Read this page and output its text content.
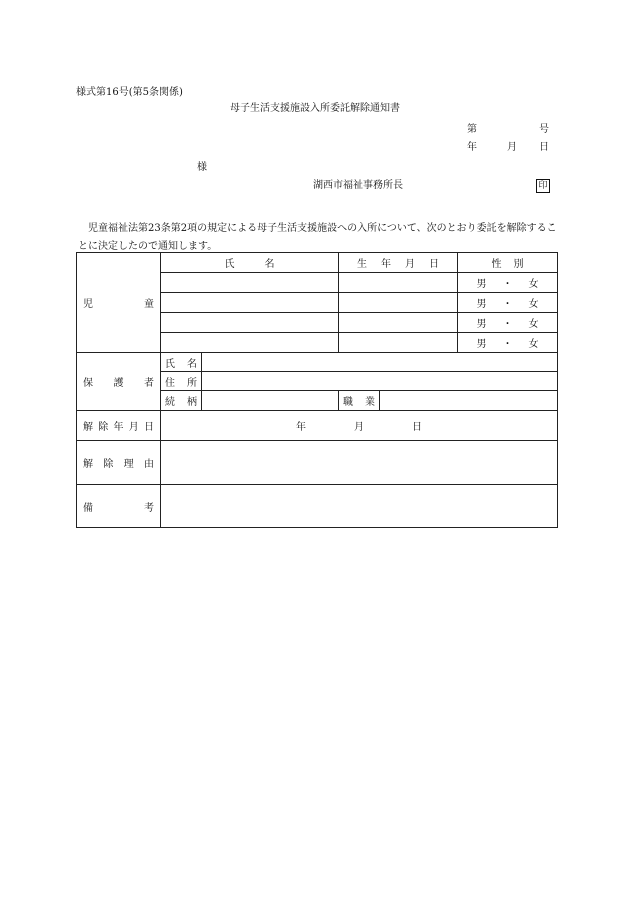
様式第16号(第5条関係)
母子生活支援施設入所委託解除通知書
第	号
年	月 日
様
湖西市福祉事務所長	印
児童福祉法第23条第2項の規定による母子生活支援施設への入所について、次のとおり委託を解除することに決定したので通知します。
児 童	氏 名		生 年 月 日		性 別

					男 ・ 女

					男 ・ 女

					男 ・ 女

					男 ・ 女

保 護 者	氏 名				

	住 所				

	続 柄		職 業		

解 除 年 月 日	年 月 日				

解 除 理 由					

備 考					
